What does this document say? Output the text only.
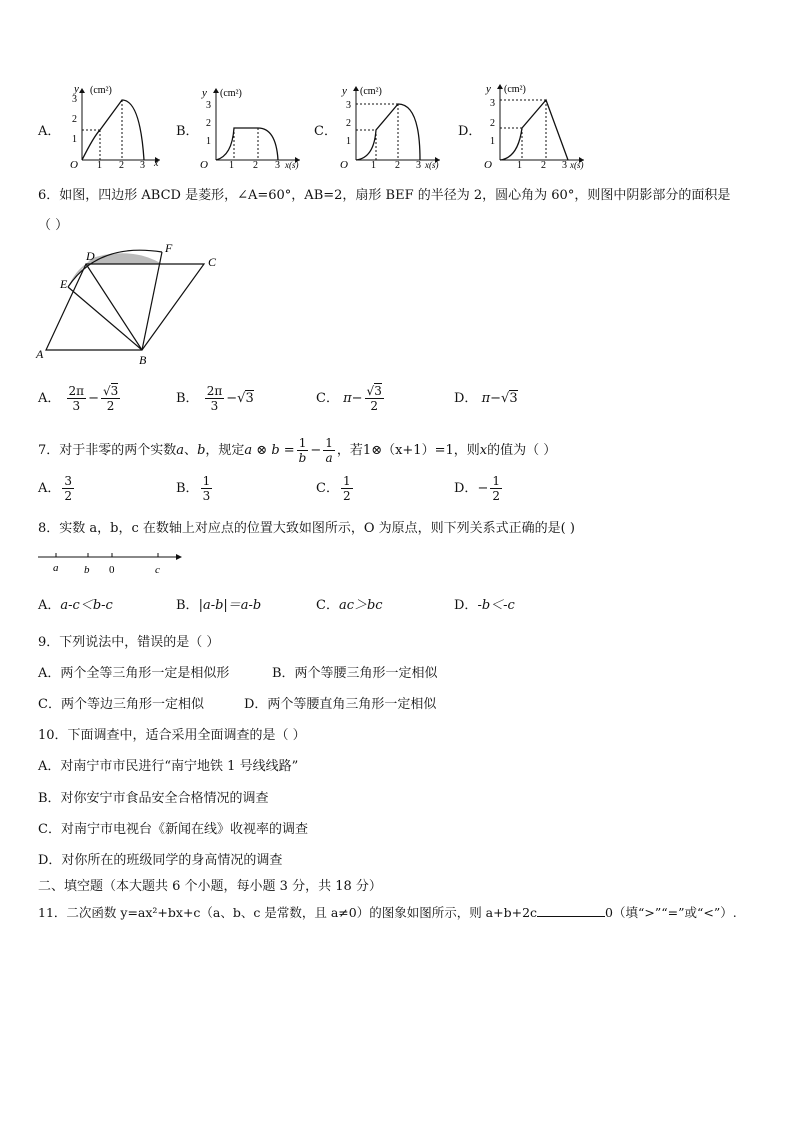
A．
y (cm²)
O 1 2 3 x
1
2
3
B．
y (cm²)
O 1 2 3 x(s)
1
2
3
C．
y (cm²)
O 1 2 3 x(s)
1
2
3
D．
y (cm²)
O	1 2 3 x(s)
1
2
3
6．如图，四边形 ABCD 是菱形，∠A=60°，AB=2，扇形 BEF 的半径为 2，圆心角为 60°，则图中阴影部分的面积是
（ ）
A	B
C
D
E
F
A． $\frac{2\pi}{3} - \frac{√3}{2}$	B． $\frac{2\pi}{3} -√3$	C． $\pi- \frac{√3}{2}$	D． π−√3
7．对于非零的两个实数a、b，规定a ⊗ $b = \frac{1}{b} - \frac{1}{a}$ ，若1⊗（x+1）=1，则x的值为（ ）
A． $\frac{3}{2}$	B． $\frac{1}{3}$	C． $\frac{1}{2}$	D．− $\frac{1}{2}$
8．实数 a，b，c 在数轴上对应点的位置大致如图所示，O 为原点，则下列关系式正确的是( )
a b 0	c
A．a-c＜b-c	B．|a-b|＝a-b	C．ac＞bc	D．-b＜-c
9．下列说法中，错误的是（ ）
A．两个全等三角形一定是相似形	B．两个等腰三角形一定相似
C．两个等边三角形一定相似	D．两个等腰直角三角形一定相似
10．下面调查中，适合采用全面调查的是（ ）
A．对南宁市市民进行“南宁地铁 1 号线线路”
B．对你安宁市食品安全合格情况的调查
C．对南宁市电视台《新闻在线》收视率的调查
D．对你所在的班级同学的身高情况的调查
二、填空题（本大题共 6 个小题，每小题 3 分，共 18 分）
11．二次函数 y=ax²+bx+c（a、b、c 是常数，且 a≠0）的图象如图所示，则 a+b+2c	0（填“>”“=”或“<”）.
